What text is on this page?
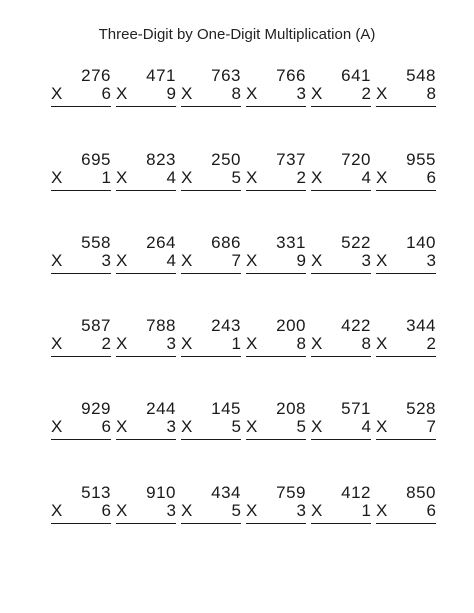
Three-Digit by One-Digit Multiplication (A)
276
X 6
471
X 9
763
X 8
766
X 3
641
X 2
548
X 8
695
X 1
823
X 4
250
X 5
737
X 2
720
X 4
955
X 6
558
X 3
264
X 4
686
X 7
331
X 9
522
X 3
140
X 3
587
X 2
788
X 3
243
X 1
200
X 8
422
X 8
344
X 2
929
X 6
244
X 3
145
X 5
208
X 5
571
X 4
528
X 7
513
X 6
910
X 3
434
X 5
759
X 3
412
X 1
850
X 6
